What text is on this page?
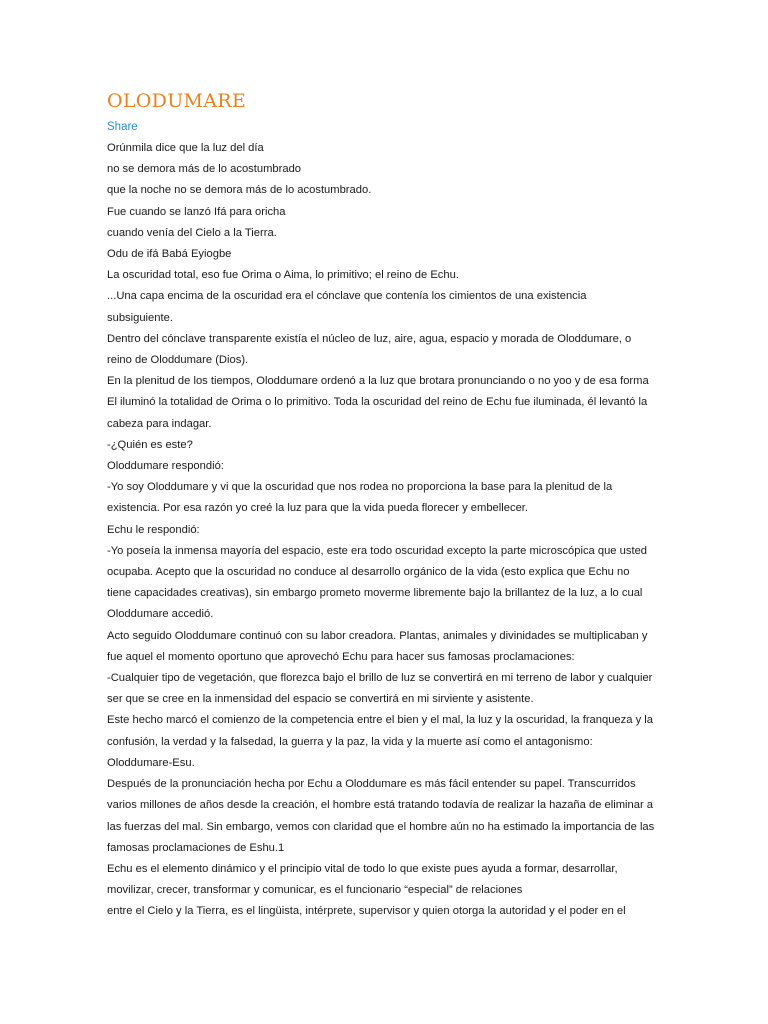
OLODUMARE
Share
Orúnmila dice que la luz del día
no se demora más de lo acostumbrado
que la noche no se demora más de lo acostumbrado.
Fue cuando se lanzó Ifá para oricha
cuando venía del Cielo a la Tierra.
Odu de ifá Babá Eyiogbe
La oscuridad total, eso fue Orima o Aima, lo primitivo; el reino de Echu.
...Una capa encima de la oscuridad era el cónclave que contenía los cimientos de una existencia
subsiguiente.
Dentro del cónclave transparente existía el núcleo de luz, aire, agua, espacio y morada de Oloddumare, o
reino de Oloddumare (Dios).
En la plenitud de los tiempos, Oloddumare ordenó a la luz que brotara pronunciando o no yoo y de esa forma
El iluminó la totalidad de Orima o lo primitivo. Toda la oscuridad del reino de Echu fue iluminada, él levantó la
cabeza para indagar.
-¿Quién es este?
Oloddumare respondió:
-Yo soy Oloddumare y vi que la oscuridad que nos rodea no proporciona la base para la plenitud de la
existencia. Por esa razón yo creé la luz para que la vida pueda florecer y embellecer.
Echu le respondió:
-Yo poseía la inmensa mayoría del espacio, este era todo oscuridad excepto la parte microscópica que usted
ocupaba. Acepto que la oscuridad no conduce al desarrollo orgánico de la vida (esto explica que Echu no
tiene capacidades creativas), sin embargo prometo moverme libremente bajo la brillantez de la luz, a lo cual
Oloddumare accedió.
Acto seguido Oloddumare continuó con su labor creadora. Plantas, animales y divinidades se multiplicaban y
fue aquel el momento oportuno que aprovechó Echu para hacer sus famosas proclamaciones:
-Cualquier tipo de vegetación, que florezca bajo el brillo de luz se convertirá en mi terreno de labor y cualquier
ser que se cree en la inmensidad del espacio se convertirá en mi sirviente y asistente.
Este hecho marcó el comienzo de la competencia entre el bien y el mal, la luz y la oscuridad, la franqueza y la
confusión, la verdad y la falsedad, la guerra y la paz, la vida y la muerte así como el antagonismo:
Oloddumare-Esu.
Después de la pronunciación hecha por Echu a Oloddumare es más fácil entender su papel. Transcurridos
varios millones de años desde la creación, el hombre está tratando todavía de realizar la hazaña de eliminar a
las fuerzas del mal. Sin embargo, vemos con claridad que el hombre aún no ha estimado la importancia de las
famosas proclamaciones de Eshu.1
Echu es el elemento dinámico y el principio vital de todo lo que existe pues ayuda a formar, desarrollar,
movilizar, crecer, transformar y comunicar, es el funcionario “especial” de relaciones
entre el Cielo y la Tierra, es el lingüista, intérprete, supervisor y quien otorga la autoridad y el poder en el
